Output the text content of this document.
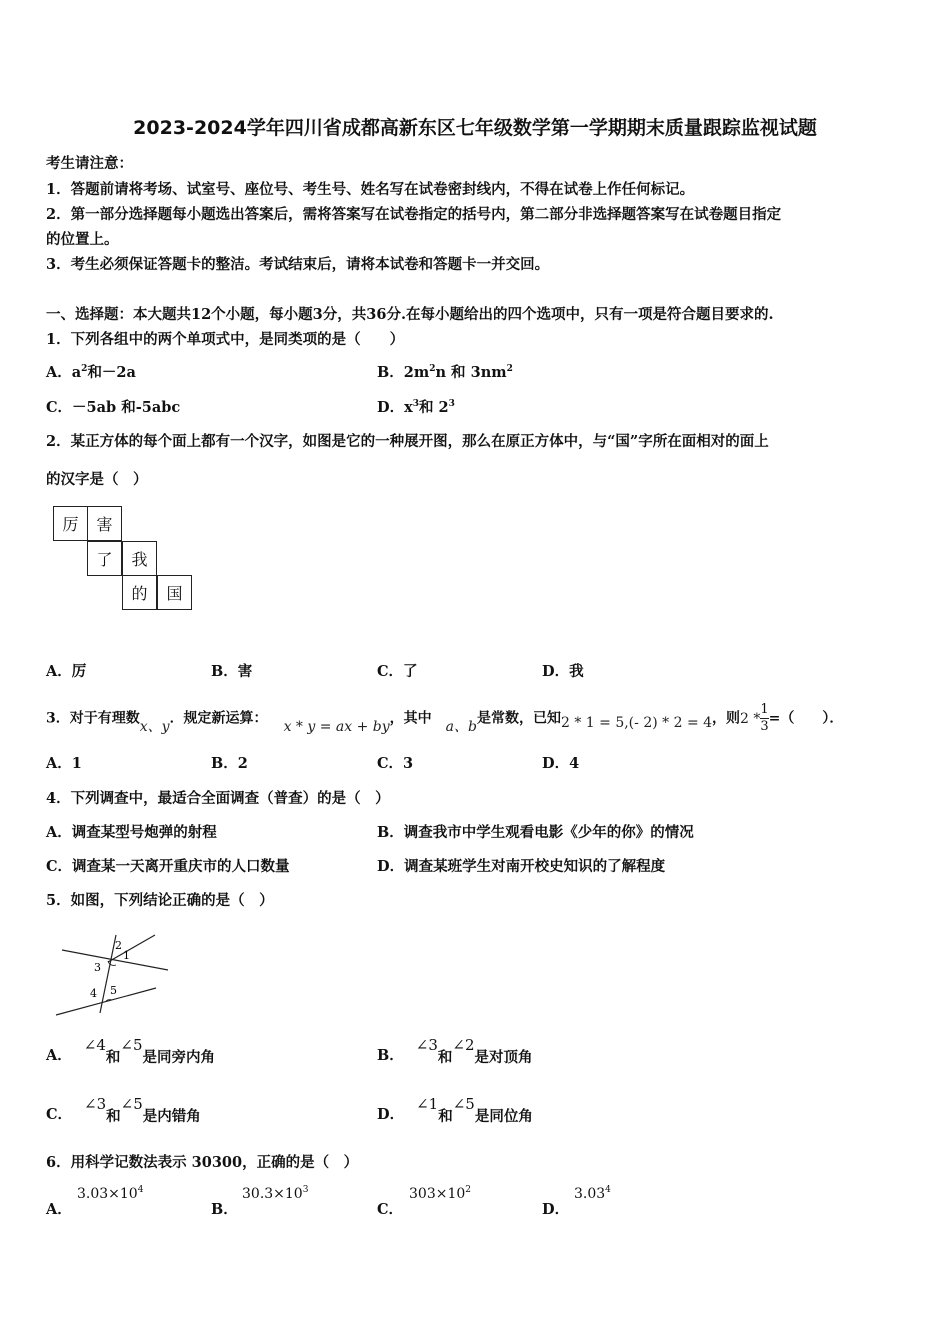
2023-2024学年四川省成都高新东区七年级数学第一学期期末质量跟踪监视试题
考生请注意：
1．答题前请将考场、试室号、座位号、考生号、姓名写在试卷密封线内，不得在试卷上作任何标记。
2．第一部分选择题每小题选出答案后，需将答案写在试卷指定的括号内，第二部分非选择题答案写在试卷题目指定
的位置上。
3．考生必须保证答题卡的整洁。考试结束后，请将本试卷和答题卡一并交回。
一、选择题：本大题共12个小题，每小题3分，共36分.在每小题给出的四个选项中，只有一项是符合题目要求的.
1．下列各组中的两个单项式中，是同类项的是（　　）
A．$a^2$和－2a	B．$2m^2n$ 和 $3nm^2$
C．－5ab 和-5abc	D．$x^3$和 $2^3$
2．某正方体的每个面上都有一个汉字，如图是它的一种展开图，那么在原正方体中，与“国”字所在面相对的面上
的汉字是（　）
厉	害
了	我
的	国
A．厉	B．害	C．了	D．我
3．对于有理数x、y．规定新运算： x * y = ax + by，其中 a、b是常数，已知2 * 1 = 5,(- 2) * 2 = 4，则$2 * \frac{1}{3}$ =（　　）．
A．1	B．2	C．3	D．4
4．下列调查中，最适合全面调查（普查）的是（　）
A．调查某型号炮弹的射程	B．调查我市中学生观看电影《少年的你》的情况
C．调查某一天离开重庆市的人口数量	D．调查某班学生对南开校史知识的了解程度
5．如图，下列结论正确的是（　）
2
1
3
4 5
A．∠4和∠5是同旁内角	B．∠3和∠2是对顶角
C．∠3和∠5是内错角	D．∠1和∠5是同位角
6．用科学记数法表示 30300，正确的是（　）
A．
$3.03\times 10^4$
B．
$30.3\times 10^3$
C．
$303\times 10^2$
D．
3.03$^4$
